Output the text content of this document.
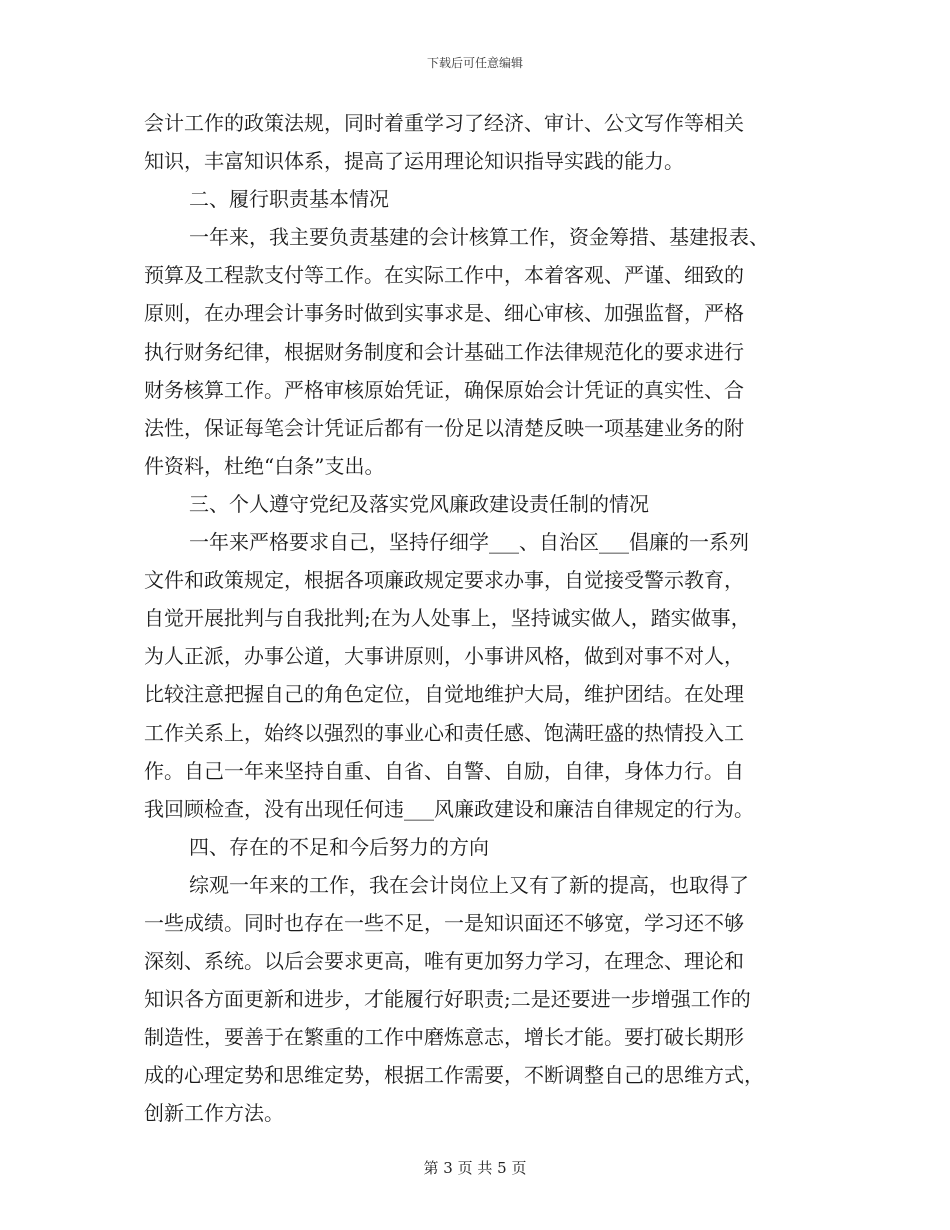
下载后可任意编辑
会计工作的政策法规，同时着重学习了经济、审计、公文写作等相关
知识，丰富知识体系，提高了运用理论知识指导实践的能力。
二、履行职责基本情况
一年来，我主要负责基建的会计核算工作，资金筹措、基建报表、
预算及工程款支付等工作。在实际工作中，本着客观、严谨、细致的
原则，在办理会计事务时做到实事求是、细心审核、加强监督，严格
执行财务纪律，根据财务制度和会计基础工作法律规范化的要求进行
财务核算工作。严格审核原始凭证，确保原始会计凭证的真实性、合
法性，保证每笔会计凭证后都有一份足以清楚反映一项基建业务的附
件资料，杜绝“白条”支出。
三、个人遵守党纪及落实党风廉政建设责任制的情况
一年来严格要求自己，坚持仔细学___、自治区___倡廉的一系列
文件和政策规定，根据各项廉政规定要求办事，自觉接受警示教育，
自觉开展批判与自我批判;在为人处事上，坚持诚实做人，踏实做事，
为人正派，办事公道，大事讲原则，小事讲风格，做到对事不对人，
比较注意把握自己的角色定位，自觉地维护大局，维护团结。在处理
工作关系上，始终以强烈的事业心和责任感、饱满旺盛的热情投入工
作。自己一年来坚持自重、自省、自警、自励，自律，身体力行。自
我回顾检查，没有出现任何违___风廉政建设和廉洁自律规定的行为。
四、存在的不足和今后努力的方向
综观一年来的工作，我在会计岗位上又有了新的提高，也取得了
一些成绩。同时也存在一些不足，一是知识面还不够宽，学习还不够
深刻、系统。以后会要求更高，唯有更加努力学习，在理念、理论和
知识各方面更新和进步，才能履行好职责;二是还要进一步增强工作的
制造性，要善于在繁重的工作中磨炼意志，增长才能。要打破长期形
成的心理定势和思维定势，根据工作需要，不断调整自己的思维方式，
创新工作方法。
第 3 页 共 5 页
